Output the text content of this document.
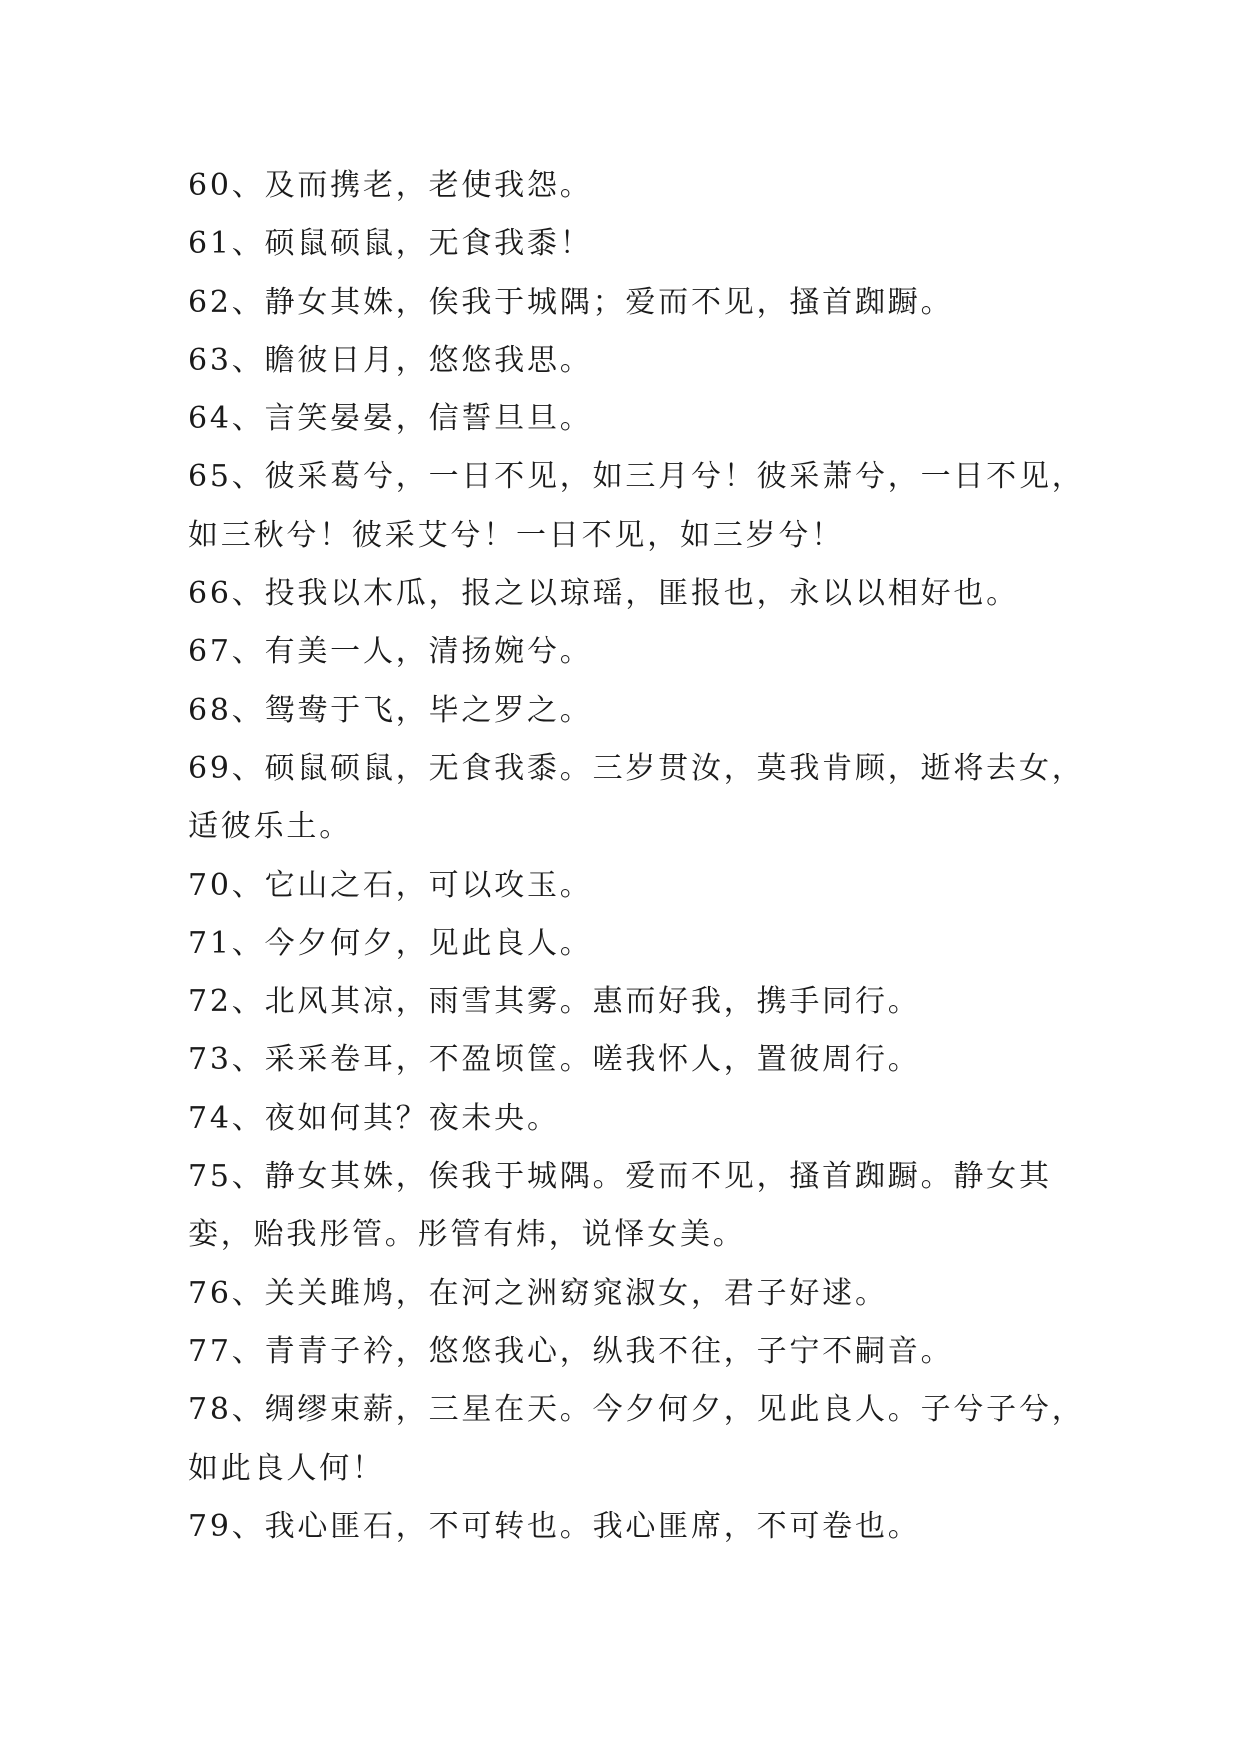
60、及而携老，老使我怨。
61、硕鼠硕鼠，无食我黍！
62、静女其姝，俟我于城隅；爱而不见，搔首踟蹰。
63、瞻彼日月，悠悠我思。
64、言笑晏晏，信誓旦旦。
65、彼采葛兮，一日不见，如三月兮！彼采萧兮，一日不见，
如三秋兮！彼采艾兮！一日不见，如三岁兮！
66、投我以木瓜，报之以琼瑶，匪报也，永以以相好也。
67、有美一人，清扬婉兮。
68、鸳鸯于飞，毕之罗之。
69、硕鼠硕鼠，无食我黍。三岁贯汝，莫我肯顾，逝将去女，
适彼乐土。
70、它山之石，可以攻玉。
71、今夕何夕，见此良人。
72、北风其凉，雨雪其雾。惠而好我，携手同行。
73、采采卷耳，不盈顷筐。嗟我怀人，置彼周行。
74、夜如何其？夜未央。
75、静女其姝，俟我于城隅。爱而不见，搔首踟蹰。静女其
娈，贻我彤管。彤管有炜，说怿女美。
76、关关雎鸠，在河之洲窈窕淑女，君子好逑。
77、青青子衿，悠悠我心，纵我不往，子宁不嗣音。
78、绸缪束薪，三星在天。今夕何夕，见此良人。子兮子兮，
如此良人何！
79、我心匪石，不可转也。我心匪席，不可卷也。
